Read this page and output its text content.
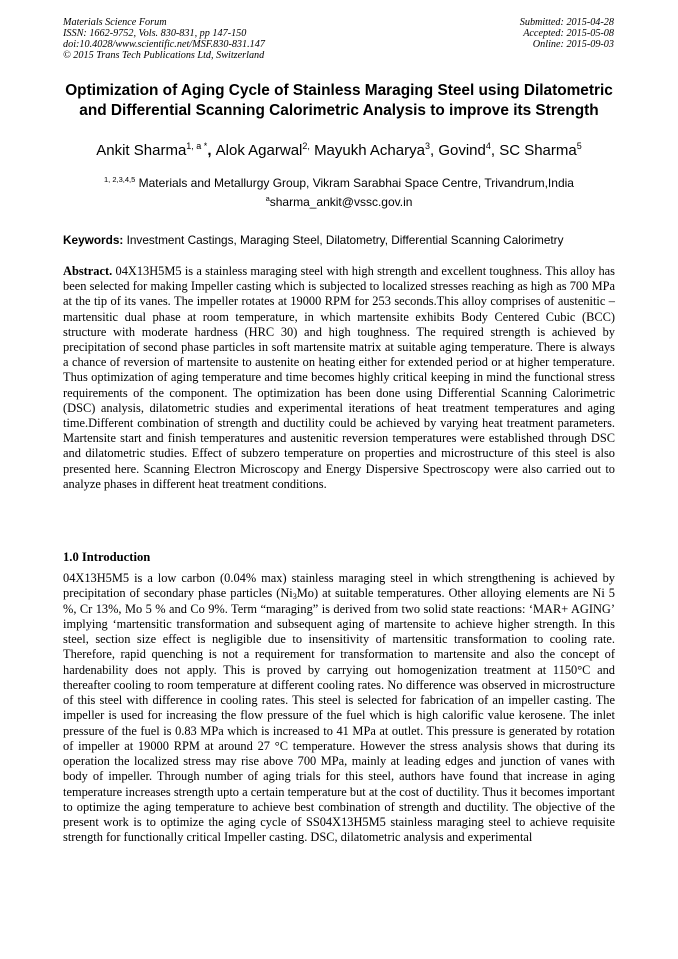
Materials Science Forum
ISSN: 1662-9752, Vols. 830-831, pp 147-150
doi:10.4028/www.scientific.net/MSF.830-831.147
© 2015 Trans Tech Publications Ltd, Switzerland
Submitted: 2015-04-28
Accepted: 2015-05-08
Online: 2015-09-03
Optimization of Aging Cycle of Stainless Maraging Steel using Dilatometric and Differential Scanning Calorimetric Analysis to improve its Strength
Ankit Sharma$^{1, a *}$, Alok Agarwal$^{2,}$ Mayukh Acharya$^3$, Govind$^4$, SC Sharma$^5$
$^{1, 2,3,4,5}$ Materials and Metallurgy Group, Vikram Sarabhai Space Centre, Trivandrum,India
$^a$sharma_ankit@vssc.gov.in
Keywords: Investment Castings, Maraging Steel, Dilatometry, Differential Scanning Calorimetry
Abstract. 04X13H5M5 is a stainless maraging steel with high strength and excellent toughness. This alloy has been selected for making Impeller casting which is subjected to localized stresses reaching as high as 700 MPa at the tip of its vanes. The impeller rotates at 19000 RPM for 253 seconds.This alloy comprises of austenitic – martensitic dual phase at room temperature, in which martensite exhibits Body Centered Cubic (BCC) structure with moderate hardness (HRC 30) and high toughness. The required strength is achieved by precipitation of second phase particles in soft martensite matrix at suitable aging temperature. There is always a chance of reversion of martensite to austenite on heating either for extended period or at higher temperature. Thus optimization of aging temperature and time becomes highly critical keeping in mind the functional stress requirements of the component. The optimization has been done using Differential Scanning Calorimetric (DSC) analysis, dilatometric studies and experimental iterations of heat treatment temperatures and aging time.Different combination of strength and ductility could be achieved by varying heat treatment parameters. Martensite start and finish temperatures and austenitic reversion temperatures were established through DSC and dilatometric studies. Effect of subzero temperature on properties and microstructure of this steel is also presented here. Scanning Electron Microscopy and Energy Dispersive Spectroscopy were also carried out to analyze phases in different heat treatment conditions.
1.0 Introduction
04X13H5M5 is a low carbon (0.04% max) stainless maraging steel in which strengthening is achieved by precipitation of secondary phase particles $(Ni_3Mo)$ at suitable temperatures. Other alloying elements are Ni 5 %, Cr 13%, Mo 5 % and Co 9%. Term “maraging” is derived from two solid state reactions: ‘MAR+ AGING’ implying ‘martensitic transformation and subsequent aging of martensite to achieve higher strength. In this steel, section size effect is negligible due to insensitivity of martensitic transformation to cooling rate. Therefore, rapid quenching is not a requirement for transformation to martensite and also the concept of hardenability does not apply. This is proved by carrying out homogenization treatment at 1150°C and thereafter cooling to room temperature at different cooling rates. No difference was observed in microstructure of this steel with difference in cooling rates. This steel is selected for fabrication of an impeller casting. The impeller is used for increasing the flow pressure of the fuel which is high calorific value kerosene. The inlet pressure of the fuel is 0.83 MPa which is increased to 41 MPa at outlet. This pressure is generated by rotation of impeller at 19000 RPM at around 27 °C temperature. However the stress analysis shows that during its operation the localized stress may rise above 700 MPa, mainly at leading edges and junction of vanes with body of impeller. Through number of aging trials for this steel, authors have found that increase in aging temperature increases strength upto a certain temperature but at the cost of ductility. Thus it becomes important to optimize the aging temperature to achieve best combination of strength and ductility. The objective of the present work is to optimize the aging cycle of SS04X13H5M5 stainless maraging steel to achieve requisite strength for functionally critical Impeller casting. DSC, dilatometric analysis and experimental
